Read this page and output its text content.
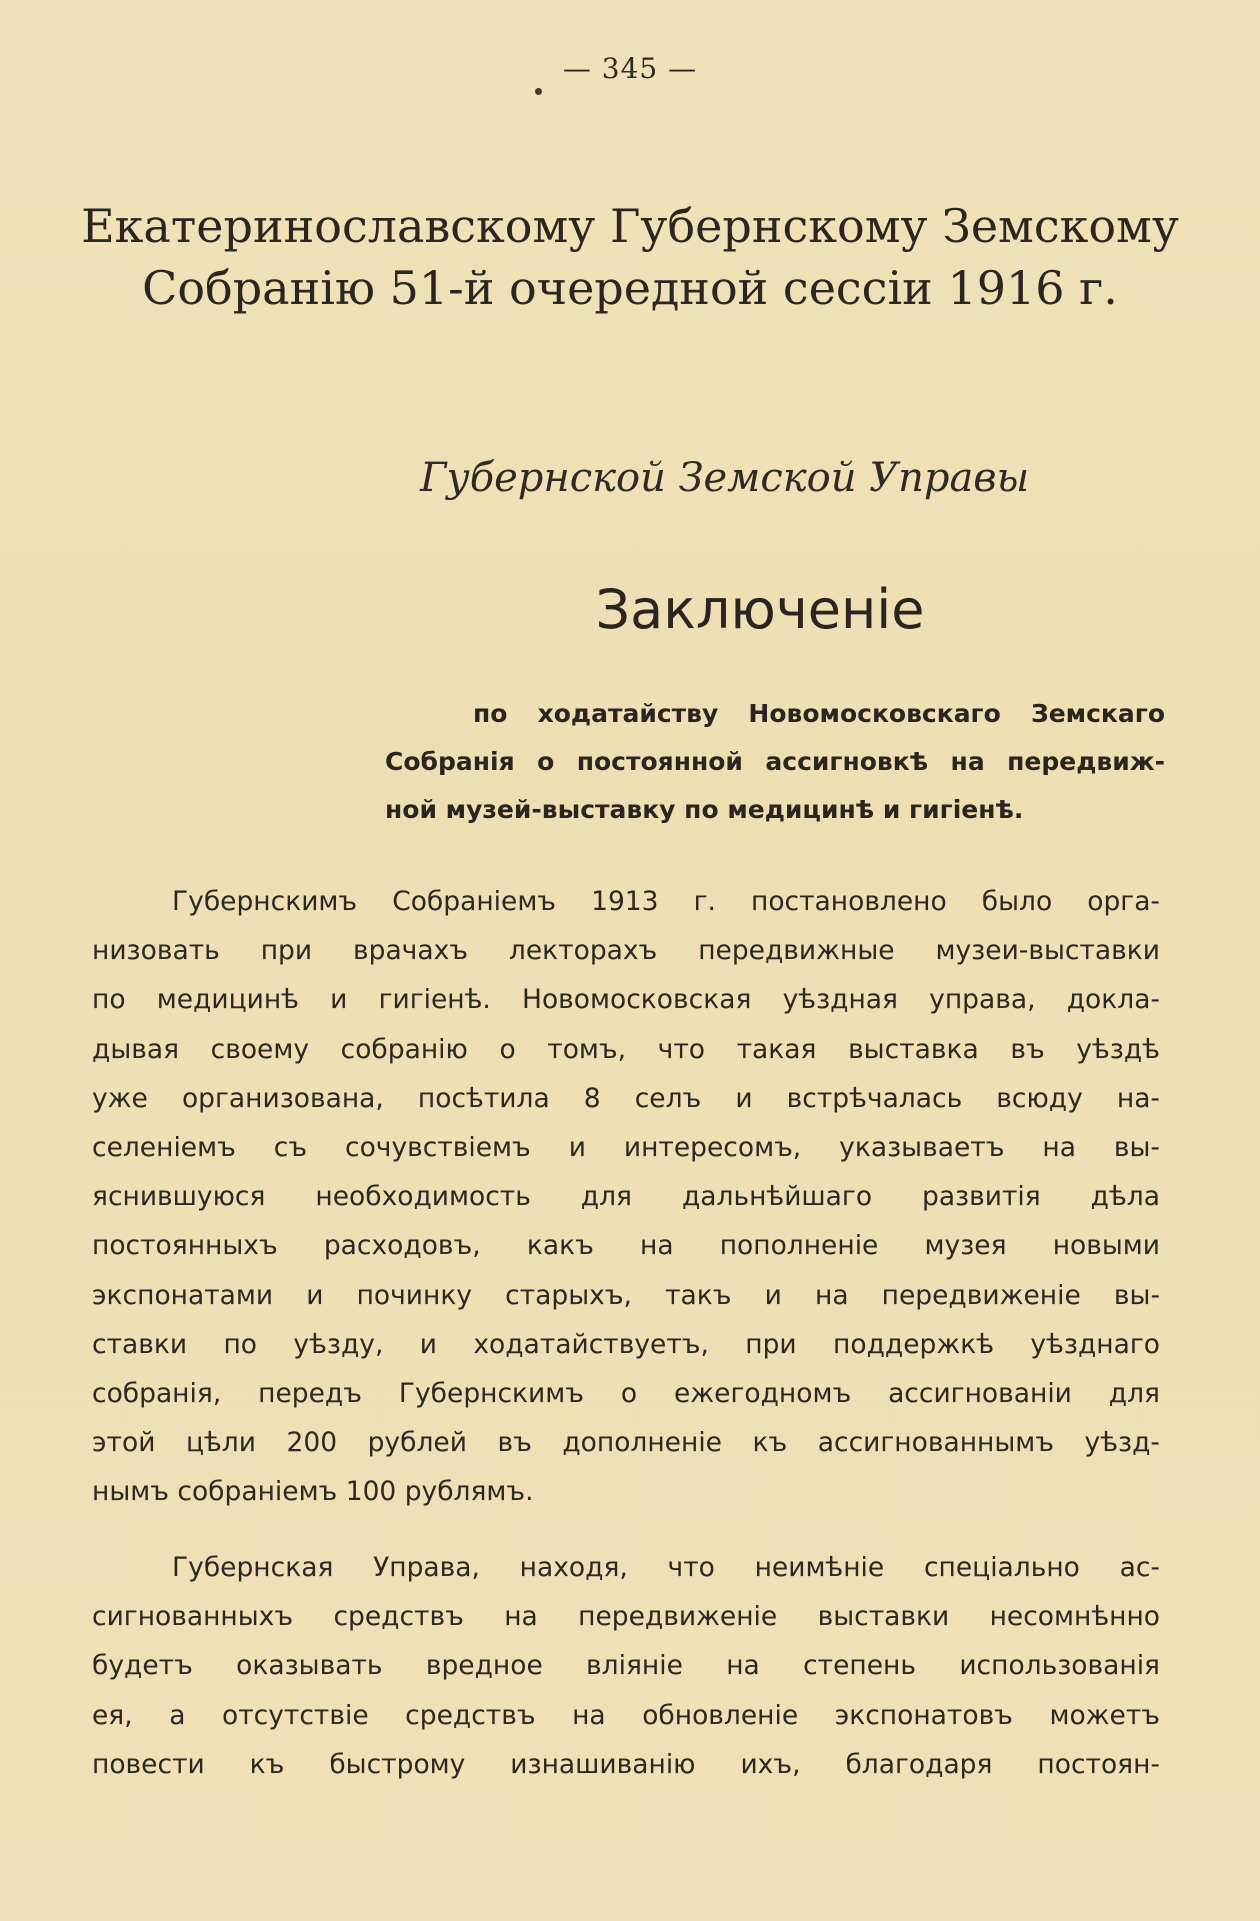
— 345 —
Екатеринославскому Губернскому Земскому
Собранію 51-й очередной сессіи 1916 г.
Губернской Земской Управы
Заключеніе
по ходатайству Новомосковскаго Земскаго
Собранія о постоянной ассигновкѣ на передвиж-
ной музей-выставку по медицинѣ и гигіенѣ.
Губернскимъ Собраніемъ 1913 г. постановлено было орга-
низовать при врачахъ лекторахъ передвижные музеи-выставки
по медицинѣ и гигіенѣ. Новомосковская уѣздная управа, докла-
дывая своему собранію о томъ, что такая выставка въ уѣздѣ
уже организована, посѣтила 8 селъ и встрѣчалась всюду на-
селеніемъ съ сочувствіемъ и интересомъ, указываетъ на вы-
яснившуюся необходимость для дальнѣйшаго развитія дѣла
постоянныхъ расходовъ, какъ на пополненіе музея новыми
экспонатами и починку старыхъ, такъ и на передвиженіе вы-
ставки по уѣзду, и ходатайствуетъ, при поддержкѣ уѣзднаго
собранія, передъ Губернскимъ о ежегодномъ ассигнованіи для
этой цѣли 200 рублей въ дополненіе къ ассигнованнымъ уѣзд-
нымъ собраніемъ 100 рублямъ.
Губернская Управа, находя, что неимѣніе спеціально ас-
сигнованныхъ средствъ на передвиженіе выставки несомнѣнно
будетъ оказывать вредное вліяніе на степень использованія
ея, а отсутствіе средствъ на обновленіе экспонатовъ можетъ
повести къ быстрому изнашиванію ихъ, благодаря постоян-
